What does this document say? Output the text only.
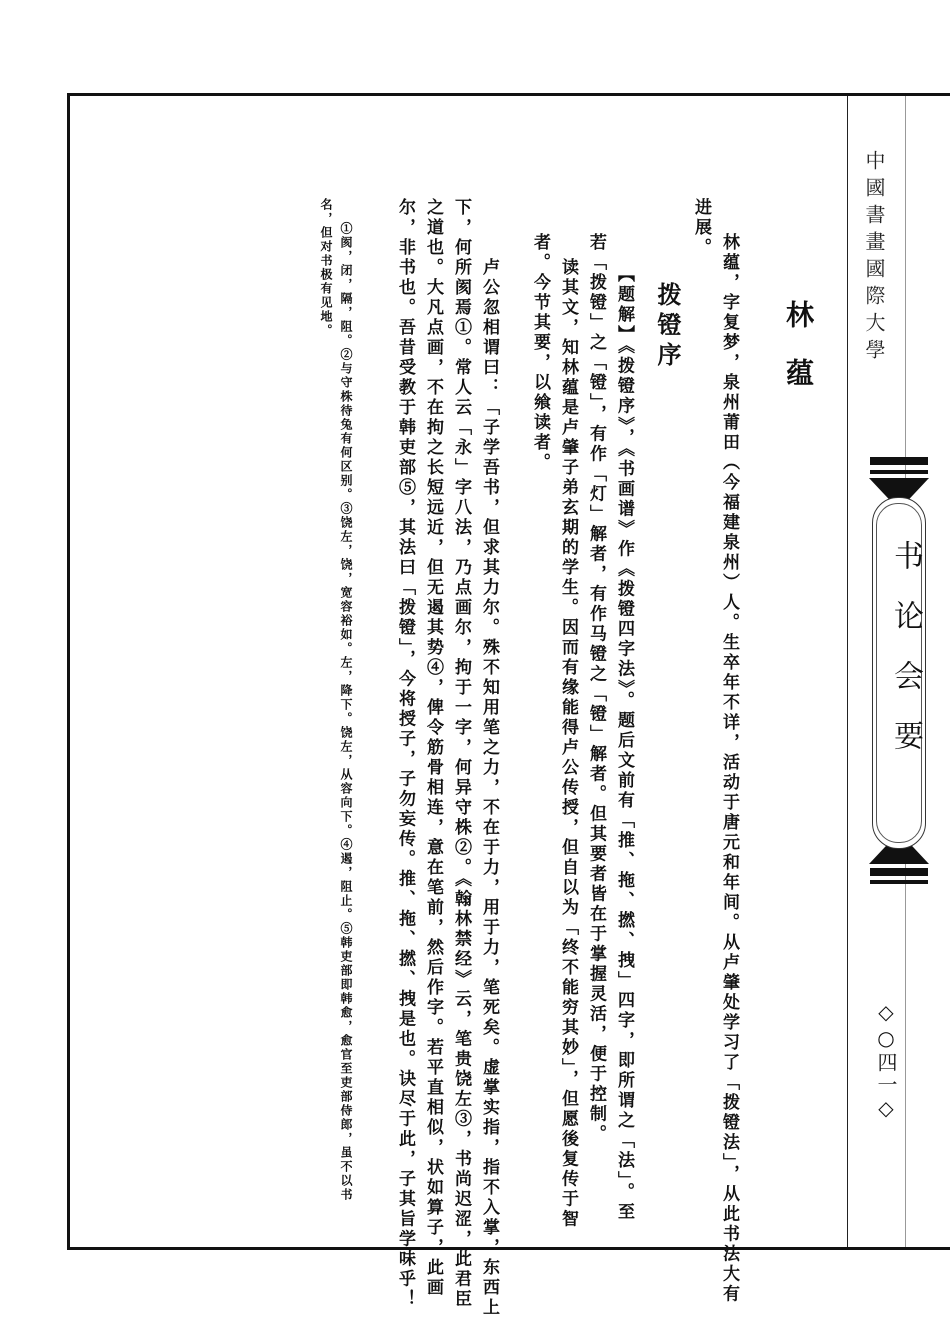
中國書畫國際大學
书论会要
◇○四一◇
林蕴
林蕴，字复梦，泉州莆田（今福建泉州）人。生卒年不详，活动于唐元和年间。从卢肇处学习了「拨镫法」，从此书法大有
进展。
拨镫序
【题解】《拨镫序》，《书画谱》作《拨镫四字法》。题后文前有「推、拖、撚、拽」四字，即所谓之「法」。至
若「拨镫」之「镫」，有作「灯」解者，有作马镫之「镫」解者。但其要者皆在于掌握灵活，便于控制。
读其文，知林蕴是卢肇子弟玄期的学生。因而有缘能得卢公传授，但自以为「终不能穷其妙」，但愿後复传于智
者。今节其要，以飨读者。
卢公忽相谓曰：「子学吾书，但求其力尔。殊不知用笔之力，不在于力，用于力，笔死矣。虚掌实指，指不入掌，东西上
下，何所阂焉①。常人云「永」字八法，乃点画尔，拘于一字，何异守株②。《翰林禁经》云，笔贵饶左③，书尚迟涩，此君臣
之道也。大凡点画，不在拘之长短远近，但无遏其势④，俾令筋骨相连，意在笔前，然后作字。若平直相似，状如算子，此画
尔，非书也。吾昔受教于韩吏部⑤，其法曰「拨镫」，今将授子，子勿妄传。推、拖、撚、拽是也。诀尽于此，子其旨学味乎！
①阂，闭，隔，阻。②与守株待兔有何区别。③饶左，饶，宽容裕如。左，降下。饶左，从容向下。④遏，阻止。⑤韩吏部即韩愈，愈官至吏部侍郎，虽不以书
名，但对书极有见地。
